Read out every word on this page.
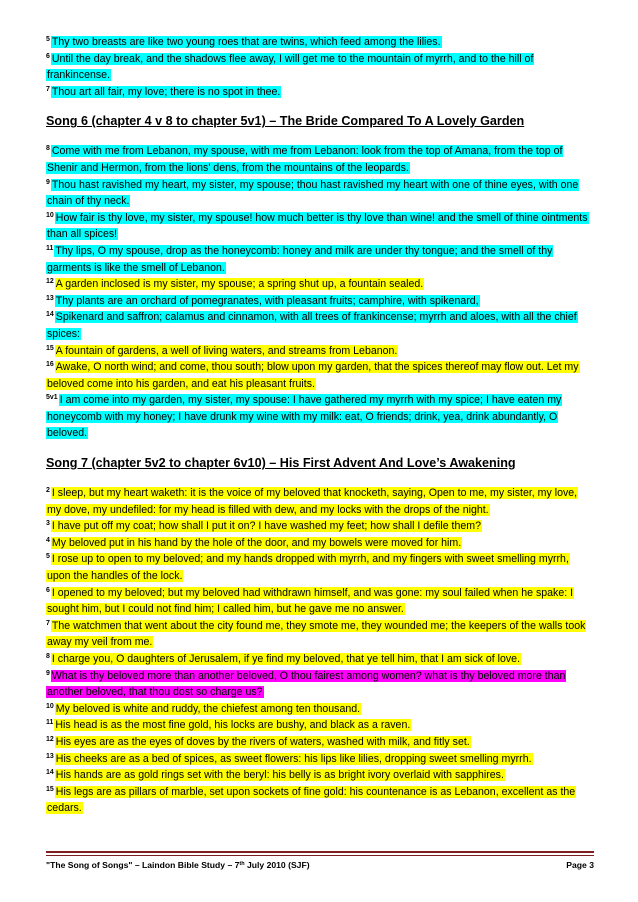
$^5$ Thy two breasts are like two young roes that are twins, which feed among the lilies.

$^6$ Until the day break, and the shadows flee away, I will get me to the mountain of myrrh, and to the hill of frankincense.

$^7$ Thou art all fair, my love; there is no spot in thee.

Song 6 (chapter 4 v 8 to chapter 5v1) – The Bride Compared To A Lovely Garden

$^8$ Come with me from Lebanon, my spouse, with me from Lebanon: look from the top of Amana, from the top of Shenir and Hermon, from the lions' dens, from the mountains of the leopards.

$^9$ Thou hast ravished my heart, my sister, my spouse; thou hast ravished my heart with one of thine eyes, with one chain of thy neck.

$^{10}$ How fair is thy love, my sister, my spouse! how much better is thy love than wine! and the smell of thine ointments than all spices!

$^{11}$ Thy lips, O my spouse, drop as the honeycomb: honey and milk are under thy tongue; and the smell of thy garments is like the smell of Lebanon.

$^{12}$ A garden inclosed is my sister, my spouse; a spring shut up, a fountain sealed.

$^{13}$ Thy plants are an orchard of pomegranates, with pleasant fruits; camphire, with spikenard,

$^{14}$ Spikenard and saffron; calamus and cinnamon, with all trees of frankincense; myrrh and aloes, with all the chief spices:

$^{15}$ A fountain of gardens, a well of living waters, and streams from Lebanon.

$^{16}$ Awake, O north wind; and come, thou south; blow upon my garden, that the spices thereof may flow out. Let my beloved come into his garden, and eat his pleasant fruits.

$^{5v1}$ I am come into my garden, my sister, my spouse: I have gathered my myrrh with my spice; I have eaten my honeycomb with my honey; I have drunk my wine with my milk: eat, O friends; drink, yea, drink abundantly, O beloved.

Song 7 (chapter 5v2 to chapter 6v10) – His First Advent And Love’s Awakening

$^2$ I sleep, but my heart waketh: it is the voice of my beloved that knocketh, saying, Open to me, my sister, my love, my dove, my undefiled: for my head is filled with dew, and my locks with the drops of the night.

$^3$ I have put off my coat; how shall I put it on? I have washed my feet; how shall I defile them?

$^4$ My beloved put in his hand by the hole of the door, and my bowels were moved for him.

$^5$ I rose up to open to my beloved; and my hands dropped with myrrh, and my fingers with sweet smelling myrrh, upon the handles of the lock.

$^6$ I opened to my beloved; but my beloved had withdrawn himself, and was gone: my soul failed when he spake: I sought him, but I could not find him; I called him, but he gave me no answer.

$^7$ The watchmen that went about the city found me, they smote me, they wounded me; the keepers of the walls took away my veil from me.

$^8$ I charge you, O daughters of Jerusalem, if ye find my beloved, that ye tell him, that I am sick of love.

$^9$ What is thy beloved more than another beloved, O thou fairest among women? what is thy beloved more than another beloved, that thou dost so charge us?

$^{10}$ My beloved is white and ruddy, the chiefest among ten thousand.

$^{11}$ His head is as the most fine gold, his locks are bushy, and black as a raven.

$^{12}$ His eyes are as the eyes of doves by the rivers of waters, washed with milk, and fitly set.

$^{13}$ His cheeks are as a bed of spices, as sweet flowers: his lips like lilies, dropping sweet smelling myrrh.

$^{14}$ His hands are as gold rings set with the beryl: his belly is as bright ivory overlaid with sapphires.

$^{15}$ His legs are as pillars of marble, set upon sockets of fine gold: his countenance is as Lebanon, excellent as the cedars.

"The Song of Songs" – Laindon Bible Study – 7th July 2010 (SJF)	Page 3
